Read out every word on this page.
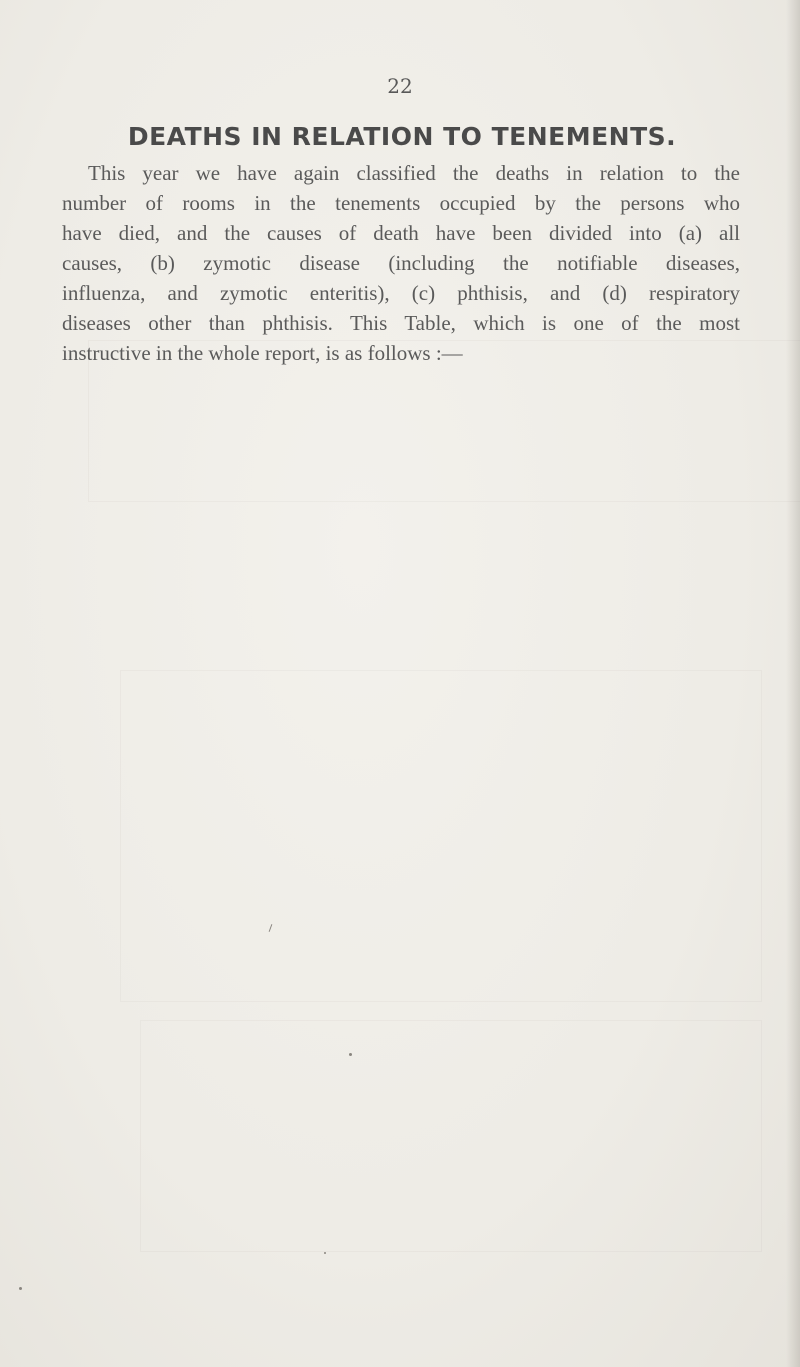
22
DEATHS IN RELATION TO TENEMENTS.
This year we have again classified the deaths in relation to the
number of rooms in the tenements occupied by the persons who
have died, and the causes of death have been divided into (a) all
causes, (b) zymotic disease (including the notifiable diseases,
influenza, and zymotic enteritis), (c) phthisis, and (d) respiratory
diseases other than phthisis. This Table, which is one of the most
instructive in the whole report, is as follows :—
